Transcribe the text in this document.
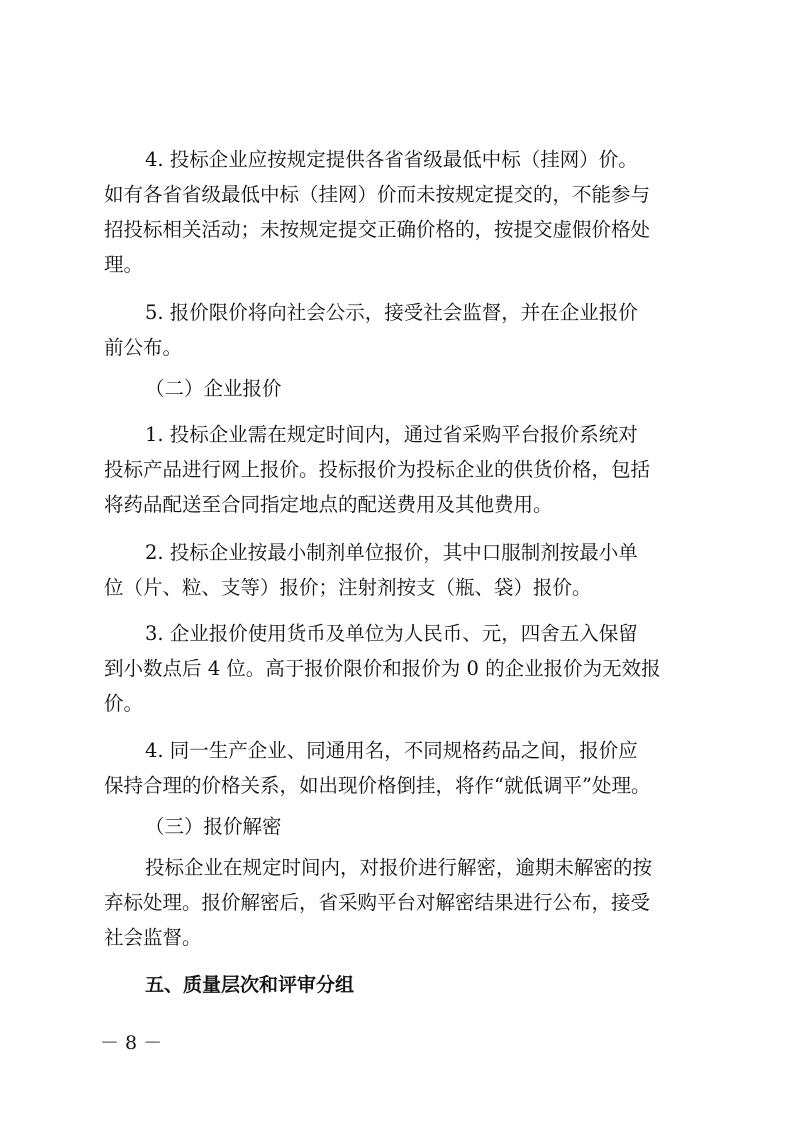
4. 投标企业应按规定提供各省省级最低中标（挂网）价。
如有各省省级最低中标（挂网）价而未按规定提交的，不能参与
招投标相关活动；未按规定提交正确价格的，按提交虚假价格处
理。
5. 报价限价将向社会公示，接受社会监督，并在企业报价
前公布。
（二）企业报价
1. 投标企业需在规定时间内，通过省采购平台报价系统对
投标产品进行网上报价。投标报价为投标企业的供货价格，包括
将药品配送至合同指定地点的配送费用及其他费用。
2. 投标企业按最小制剂单位报价，其中口服制剂按最小单
位（片、粒、支等）报价；注射剂按支（瓶、袋）报价。
3. 企业报价使用货币及单位为人民币、元，四舍五入保留
到小数点后 4 位。高于报价限价和报价为 0 的企业报价为无效报
价。
4. 同一生产企业、同通用名，不同规格药品之间，报价应
保持合理的价格关系，如出现价格倒挂，将作“就低调平”处理。
（三）报价解密
投标企业在规定时间内，对报价进行解密，逾期未解密的按
弃标处理。报价解密后，省采购平台对解密结果进行公布，接受
社会监督。
五、质量层次和评审分组
－ 8 －
